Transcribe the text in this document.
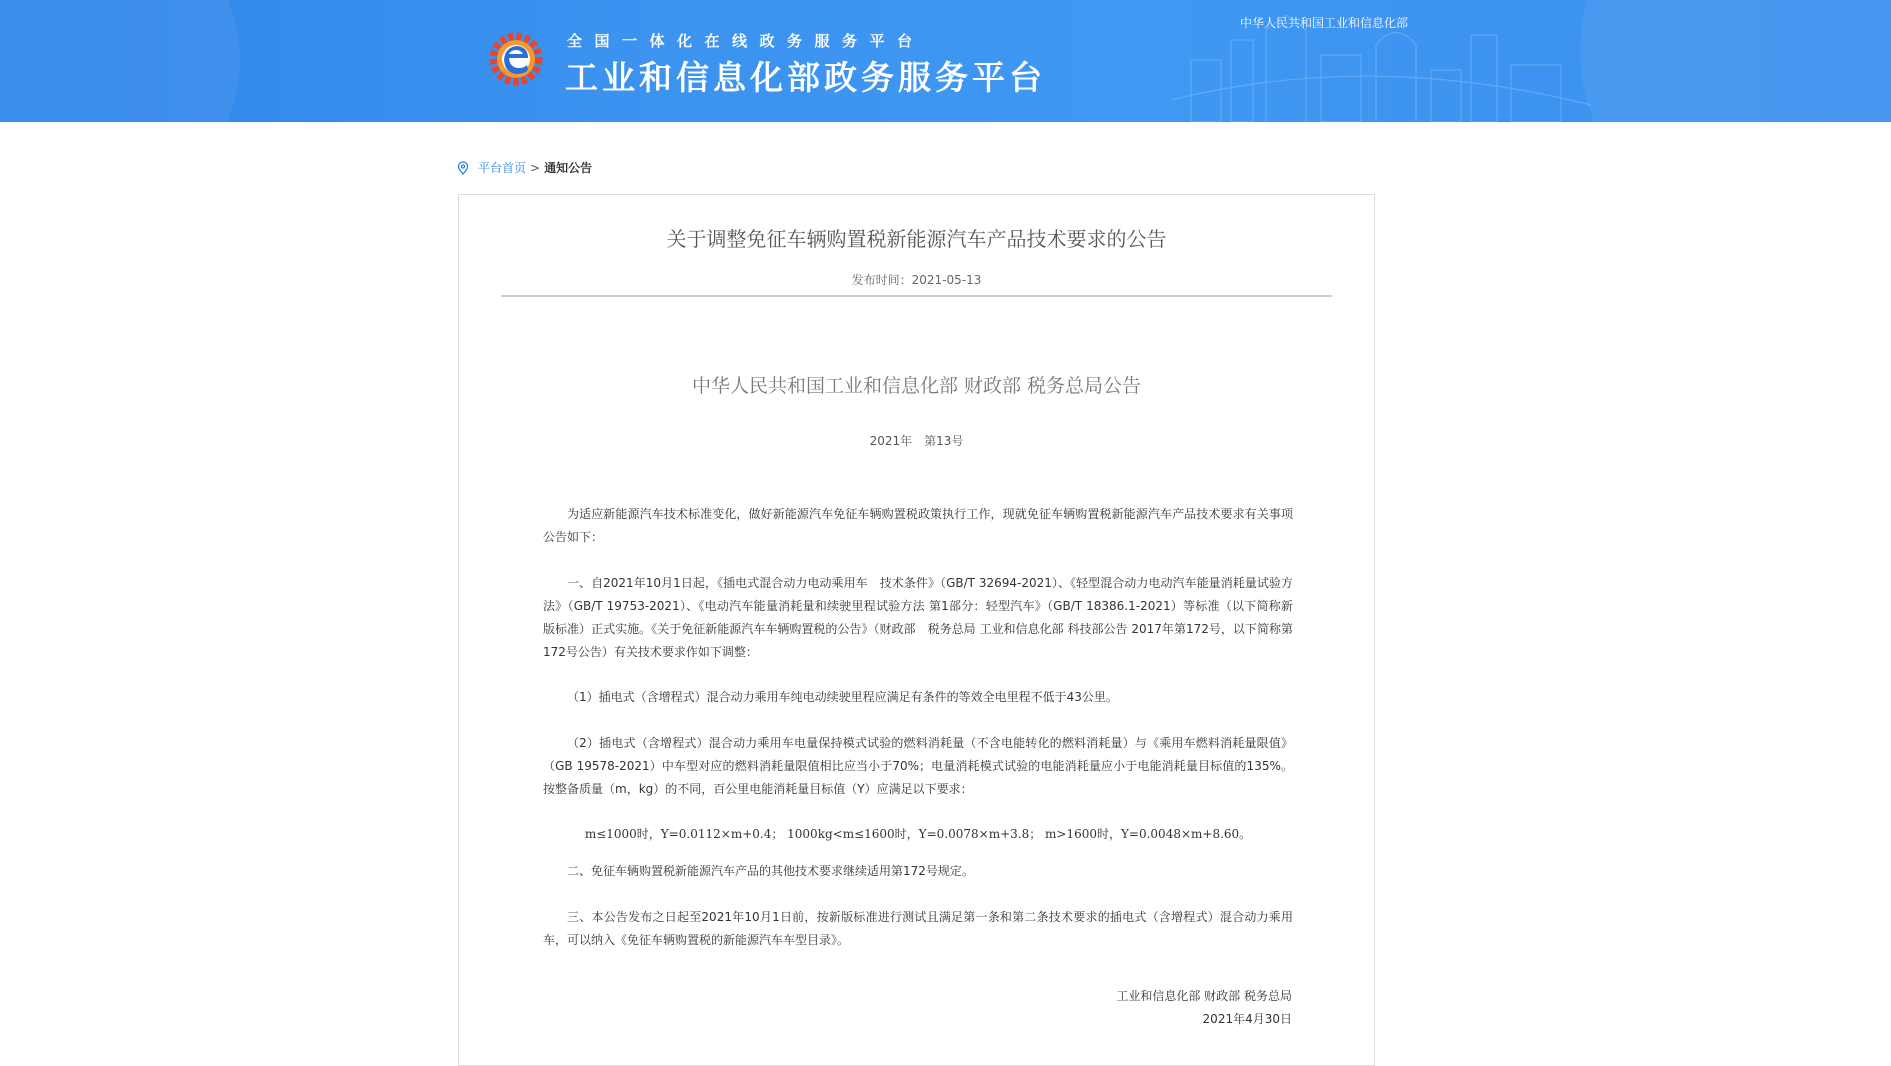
全国一体化在线政务服务平台
工业和信息化部政务服务平台
中华人民共和国工业和信息化部
平台首页 > 通知公告
关于调整免征车辆购置税新能源汽车产品技术要求的公告
发布时间：2021-05-13
中华人民共和国工业和信息化部 财政部 税务总局公告
2021年　第13号
为适应新能源汽车技术标准变化，做好新能源汽车免征车辆购置税政策执行工作，现就免征车辆购置税新能源汽车产品技术要求有关事项公告如下：
一、自2021年10月1日起，《插电式混合动力电动乘用车　技术条件》（GB/T 32694-2021）、《轻型混合动力电动汽车能量消耗量试验方法》（GB/T 19753-2021）、《电动汽车能量消耗量和续驶里程试验方法 第1部分：轻型汽车》（GB/T 18386.1-2021）等标准（以下简称新版标准）正式实施。《关于免征新能源汽车车辆购置税的公告》（财政部　税务总局 工业和信息化部 科技部公告 2017年第172号，以下简称第172号公告）有关技术要求作如下调整：
（1）插电式（含增程式）混合动力乘用车纯电动续驶里程应满足有条件的等效全电里程不低于43公里。
（2）插电式（含增程式）混合动力乘用车电量保持模式试验的燃料消耗量（不含电能转化的燃料消耗量）与《乘用车燃料消耗量限值》（GB 19578-2021）中车型对应的燃料消耗量限值相比应当小于70%；电量消耗模式试验的电能消耗量应小于电能消耗量目标值的135%。按整备质量（m，kg）的不同，百公里电能消耗量目标值（Y）应满足以下要求：
m≤1000时，Y=0.0112×m+0.4； 1000kg<m≤1600时，Y=0.0078×m+3.8； m>1600时，Y=0.0048×m+8.60。
二、免征车辆购置税新能源汽车产品的其他技术要求继续适用第172号规定。
三、本公告发布之日起至2021年10月1日前，按新版标准进行测试且满足第一条和第二条技术要求的插电式（含增程式）混合动力乘用车，可以纳入《免征车辆购置税的新能源汽车车型目录》。
工业和信息化部 财政部 税务总局
2021年4月30日
